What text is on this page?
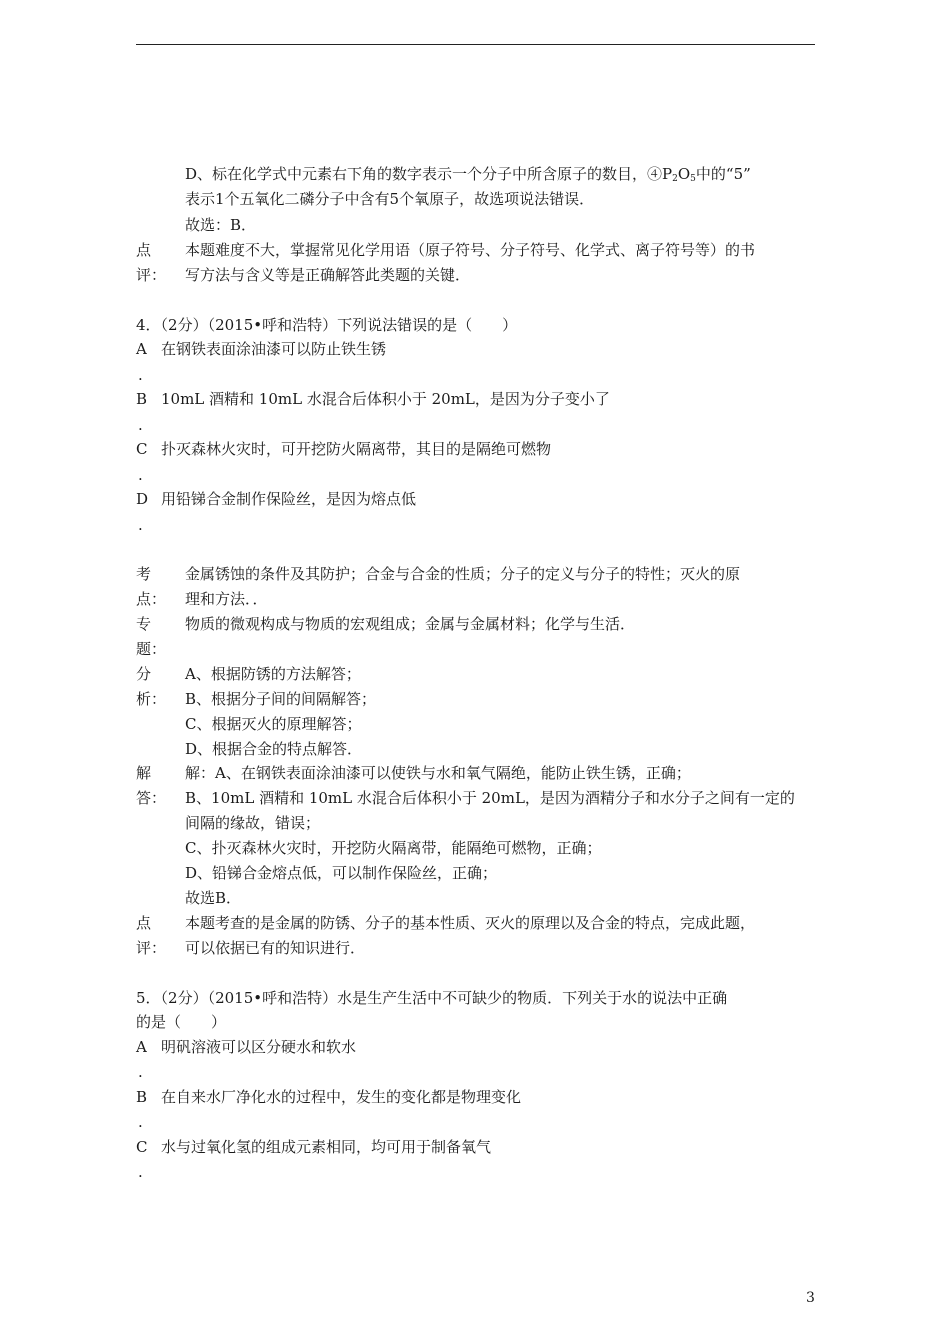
D、标在化学式中元素右下角的数字表示一个分子中所含原子的数目，$④P_2O_5$中的“5”
表示1个五氧化二磷分子中含有5个氧原子，故选项说法错误．
故选：B．
点 本题难度不大，掌握常见化学用语（原子符号、分子符号、化学式、离子符号等）的书
评： 写方法与含义等是正确解答此类题的关键．
4．（2分）（2015•呼和浩特）下列说法错误的是（　　）
A 在钢铁表面涂油漆可以防止铁生锈
.
B 10mL 酒精和 10mL 水混合后体积小于 20mL，是因为分子变小了
.
C 扑灭森林火灾时，可开挖防火隔离带，其目的是隔绝可燃物
.
D 用铅锑合金制作保险丝，是因为熔点低
.
考 金属锈蚀的条件及其防护；合金与合金的性质；分子的定义与分子的特性；灭火的原
点： 理和方法．．
专 物质的微观构成与物质的宏观组成；金属与金属材料；化学与生活．
题：
分 A、根据防锈的方法解答；
析： B、根据分子间的间隔解答；
C、根据灭火的原理解答；
D、根据合金的特点解答．
解 解：A、在钢铁表面涂油漆可以使铁与水和氧气隔绝，能防止铁生锈，正确；
答： B、10mL 酒精和 10mL 水混合后体积小于 20mL，是因为酒精分子和水分子之间有一定的
间隔的缘故，错误；
C、扑灭森林火灾时，开挖防火隔离带，能隔绝可燃物，正确；
D、铅锑合金熔点低，可以制作保险丝，正确；
故选B．
点 本题考查的是金属的防锈、分子的基本性质、灭火的原理以及合金的特点，完成此题，
评： 可以依据已有的知识进行．
5．（2分）（2015•呼和浩特）水是生产生活中不可缺少的物质．下列关于水的说法中正确
的是（　　）
A 明矾溶液可以区分硬水和软水
.
B 在自来水厂净化水的过程中，发生的变化都是物理变化
.
C 水与过氧化氢的组成元素相同，均可用于制备氧气
.
3
